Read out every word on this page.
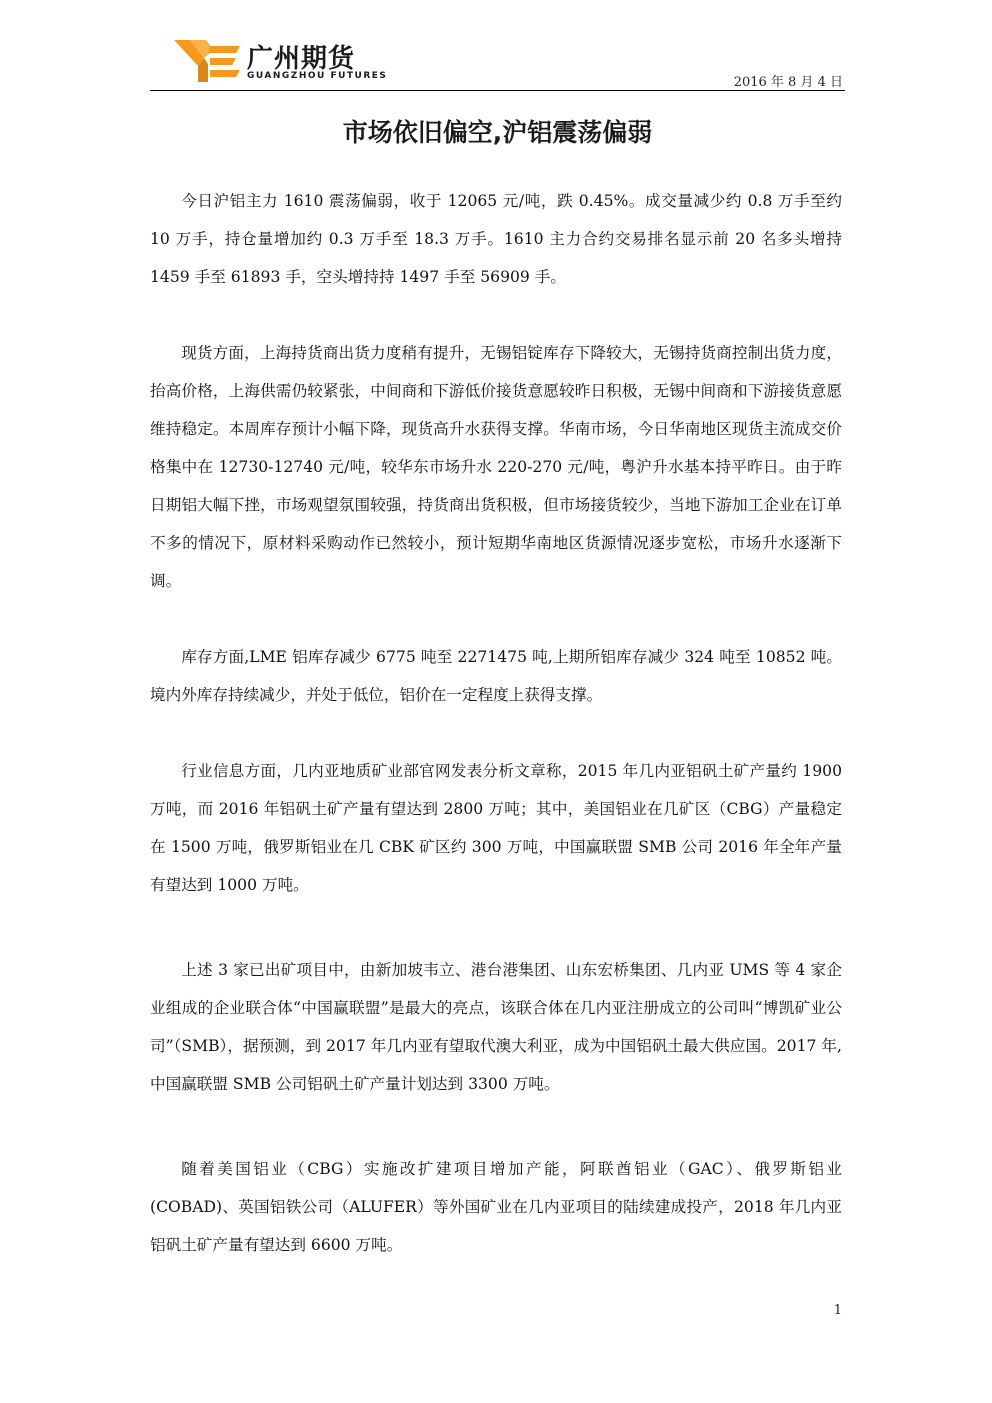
广州期货
GUANGZHOU FUTURES	2016 年 8 月 4 日
市场依旧偏空,沪铝震荡偏弱

今日沪铝主力 1610 震荡偏弱，收于 12065 元/吨，跌 0.45%。成交量减少约 0.8 万手至约 10 万手，持仓量增加约 0.3 万手至 18.3 万手。1610 主力合约交易排名显示前 20 名多头增持 1459 手至 61893 手，空头增持持 1497 手至 56909 手。

现货方面，上海持货商出货力度稍有提升，无锡铝锭库存下降较大，无锡持货商控制出货力度，抬高价格，上海供需仍较紧张，中间商和下游低价接货意愿较昨日积极，无锡中间商和下游接货意愿维持稳定。本周库存预计小幅下降，现货高升水获得支撑。华南市场，今日华南地区现货主流成交价格集中在 12730-12740 元/吨，较华东市场升水 220-270 元/吨，粤沪升水基本持平昨日。由于昨日期铝大幅下挫，市场观望氛围较强，持货商出货积极，但市场接货较少，当地下游加工企业在订单不多的情况下，原材料采购动作已然较小，预计短期华南地区货源情况逐步宽松，市场升水逐渐下调。

库存方面,LME 铝库存减少 6775 吨至 2271475 吨,上期所铝库存减少 324 吨至 10852 吨。境内外库存持续减少，并处于低位，铝价在一定程度上获得支撑。

行业信息方面，几内亚地质矿业部官网发表分析文章称，2015 年几内亚铝矾土矿产量约 1900 万吨，而 2016 年铝矾土矿产量有望达到 2800 万吨；其中，美国铝业在几矿区（CBG）产量稳定在 1500 万吨，俄罗斯铝业在几 CBK 矿区约 300 万吨，中国赢联盟 SMB 公司 2016 年全年产量有望达到 1000 万吨。

上述 3 家已出矿项目中，由新加坡韦立、港台港集团、山东宏桥集团、几内亚 UMS 等 4 家企业组成的企业联合体“中国赢联盟”是最大的亮点，该联合体在几内亚注册成立的公司叫“博凯矿业公司”（SMB），据预测，到 2017 年几内亚有望取代澳大利亚，成为中国铝矾土最大供应国。2017 年,中国赢联盟 SMB 公司铝矾土矿产量计划达到 3300 万吨。

随着美国铝业（CBG）实施改扩建项目增加产能，阿联酋铝业（GAC）、俄罗斯铝业(COBAD)、英国铝铁公司（ALUFER）等外国矿业在几内亚项目的陆续建成投产，2018 年几内亚铝矾土矿产量有望达到 6600 万吨。

1
